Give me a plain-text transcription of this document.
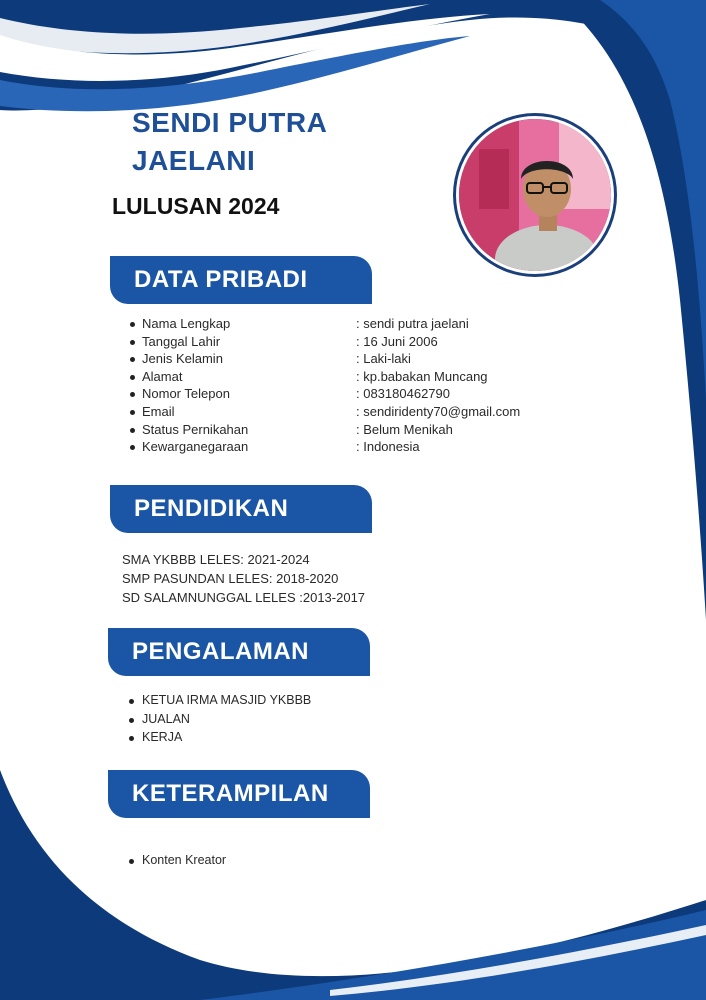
SENDI PUTRA
JAELANI
LULUSAN 2024
DATA PRIBADI
Nama Lengkap	: sendi putra jaelani
Tanggal Lahir	: 16 Juni 2006
Jenis Kelamin	: Laki-laki
Alamat	: kp.babakan Muncang
Nomor Telepon	: 083180462790
Email	: sendiridenty70@gmail.com
Status Pernikahan	: Belum Menikah
Kewarganegaraan	: Indonesia
PENDIDIKAN
SMA YKBBB LELES: 2021-2024
SMP PASUNDAN LELES: 2018-2020
SD SALAMNUNGGAL LELES :2013-2017
PENGALAMAN
KETUA IRMA MASJID YKBBB
JUALAN
KERJA
KETERAMPILAN
Konten Kreator
